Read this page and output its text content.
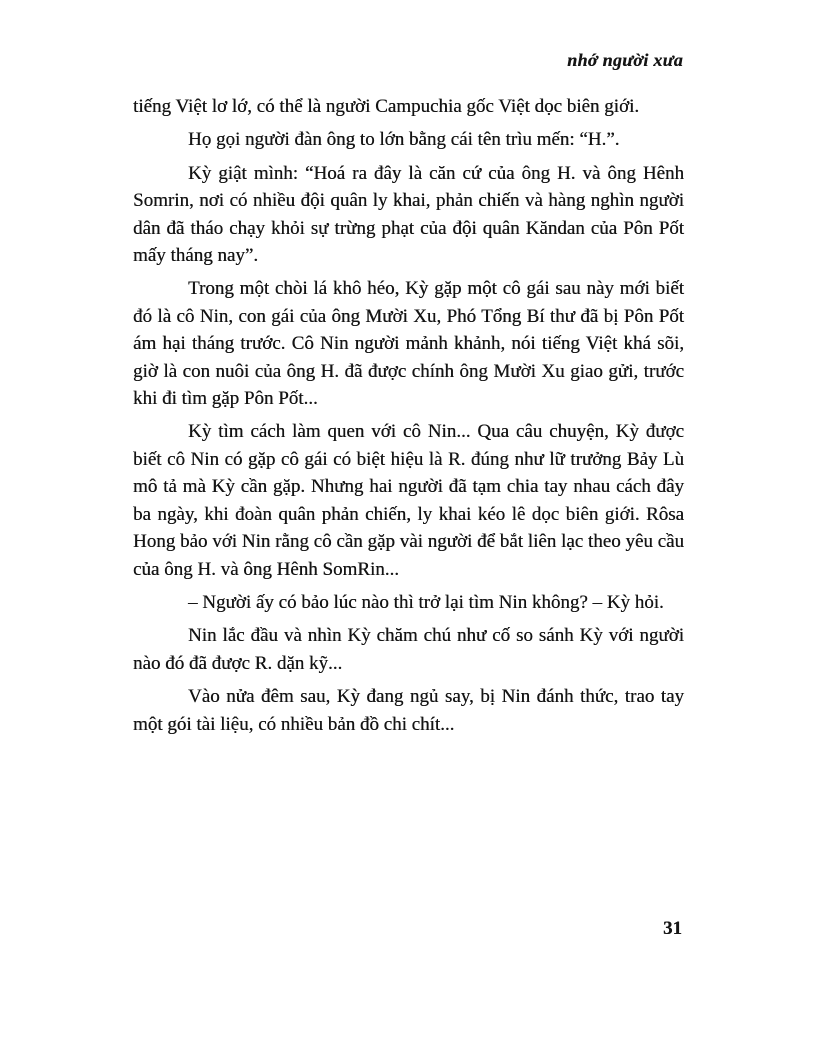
nhớ người xưa

tiếng Việt lơ lớ, có thể là người Campuchia gốc Việt dọc biên giới.

Họ gọi người đàn ông to lớn bằng cái tên trìu mến: “H.”.

Kỳ giật mình: “Hoá ra đây là căn cứ của ông H. và ông Hênh Somrin, nơi có nhiều đội quân ly khai, phản chiến và hàng nghìn người dân đã tháo chạy khỏi sự trừng phạt của đội quân Kăndan của Pôn Pốt mấy tháng nay”.

Trong một chòi lá khô héo, Kỳ gặp một cô gái sau này mới biết đó là cô Nin, con gái của ông Mười Xu, Phó Tổng Bí thư đã bị Pôn Pốt ám hại tháng trước. Cô Nin người mảnh khảnh, nói tiếng Việt khá sõi, giờ là con nuôi của ông H. đã được chính ông Mười Xu giao gửi, trước khi đi tìm gặp Pôn Pốt...

Kỳ tìm cách làm quen với cô Nin... Qua câu chuyện, Kỳ được biết cô Nin có gặp cô gái có biệt hiệu là R. đúng như lữ trưởng Bảy Lù mô tả mà Kỳ cần gặp. Nhưng hai người đã tạm chia tay nhau cách đây ba ngày, khi đoàn quân phản chiến, ly khai kéo lê dọc biên giới. Rôsa Hong bảo với Nin rằng cô cần gặp vài người để bắt liên lạc theo yêu cầu của ông H. và ông Hênh SomRin...

– Người ấy có bảo lúc nào thì trở lại tìm Nin không? – Kỳ hỏi.

Nin lắc đầu và nhìn Kỳ chăm chú như cố so sánh Kỳ với người nào đó đã được R. dặn kỹ...

Vào nửa đêm sau, Kỳ đang ngủ say, bị Nin đánh thức, trao tay một gói tài liệu, có nhiều bản đồ chi chít...

31
